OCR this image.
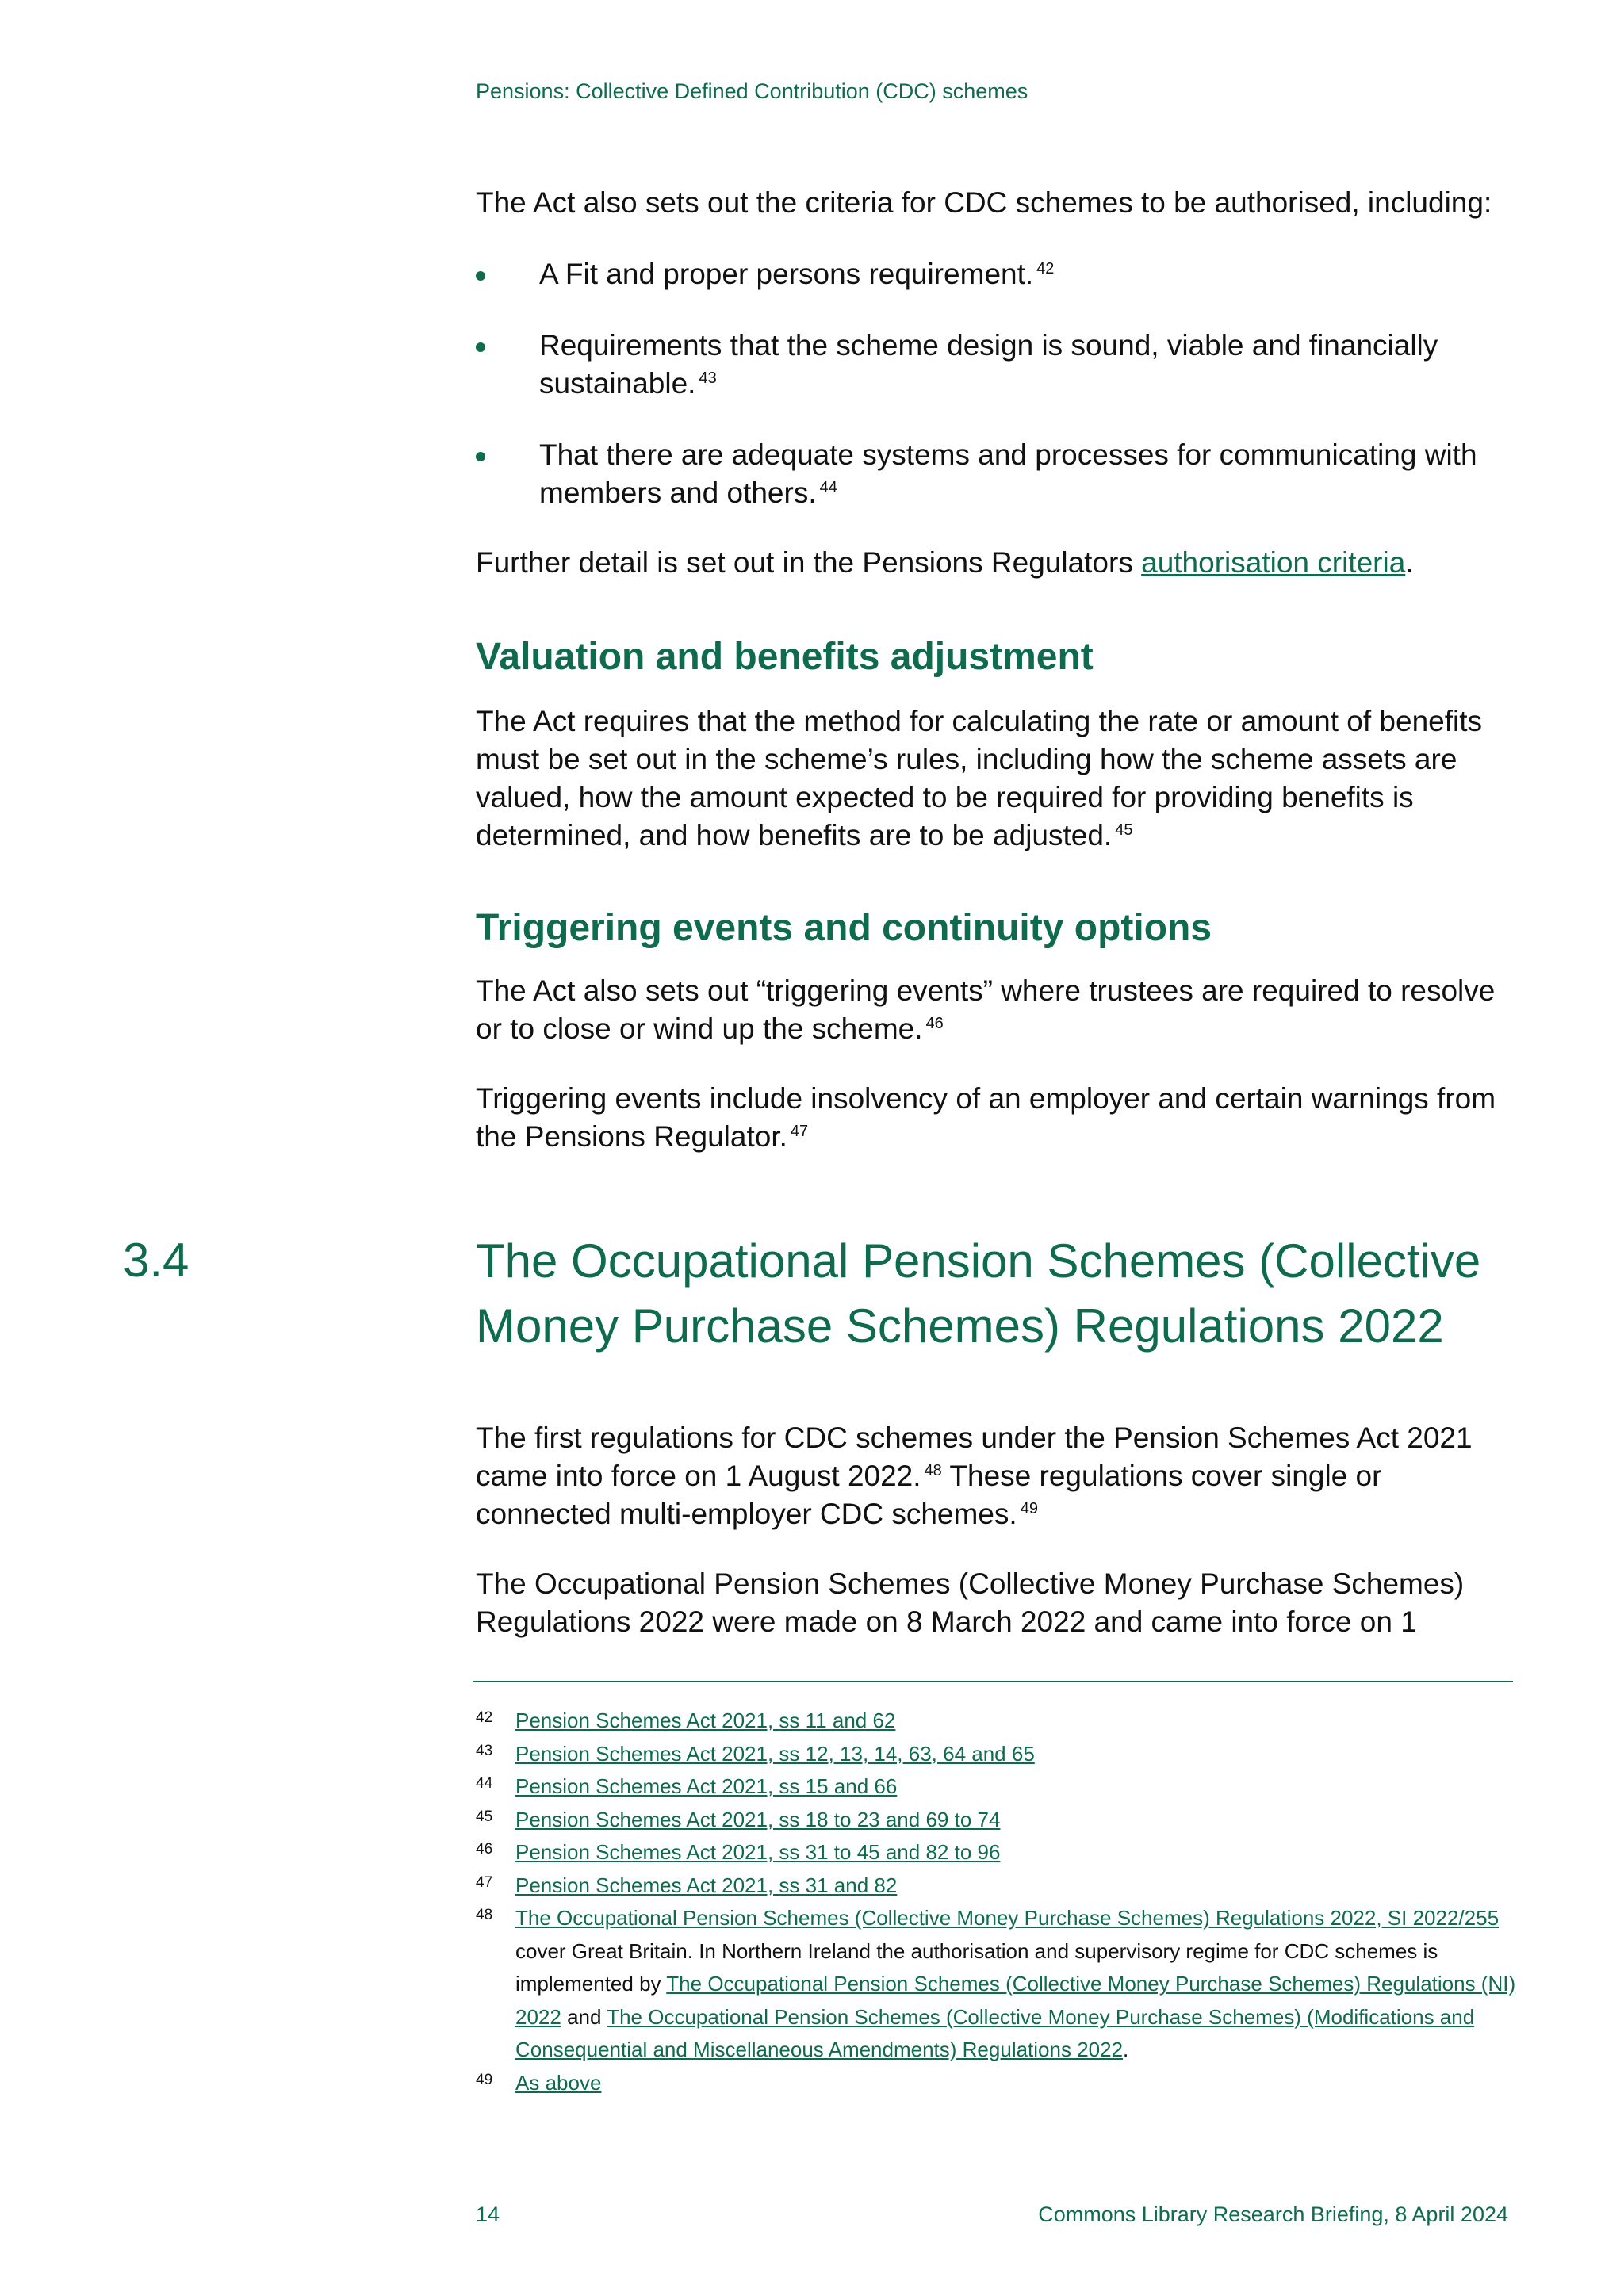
Pensions: Collective Defined Contribution (CDC) schemes

The Act also sets out the criteria for CDC schemes to be authorised, including:

A Fit and proper persons requirement. $^{42}$
Requirements that the scheme design is sound, viable and financially sustainable. $^{43}$
That there are adequate systems and processes for communicating with members and others. $^{44}$

Further detail is set out in the Pensions Regulators authorisation criteria.

Valuation and benefits adjustment

The Act requires that the method for calculating the rate or amount of benefits must be set out in the scheme’s rules, including how the scheme assets are valued, how the amount expected to be required for providing benefits is determined, and how benefits are to be adjusted. $^{45}$

Triggering events and continuity options

The Act also sets out “triggering events” where trustees are required to resolve or to close or wind up the scheme. $^{46}$

Triggering events include insolvency of an employer and certain warnings from the Pensions Regulator. $^{47}$

3.4	The Occupational Pension Schemes (Collective Money Purchase Schemes) Regulations 2022

The first regulations for CDC schemes under the Pension Schemes Act 2021 came into force on 1 August 2022. $^{48}$ These regulations cover single or connected multi-employer CDC schemes. $^{49}$

The Occupational Pension Schemes (Collective Money Purchase Schemes) Regulations 2022 were made on 8 March 2022 and came into force on 1

42 Pension Schemes Act 2021, ss 11 and 62
43 Pension Schemes Act 2021, ss 12, 13, 14, 63, 64 and 65
44 Pension Schemes Act 2021, ss 15 and 66
45 Pension Schemes Act 2021, ss 18 to 23 and 69 to 74
46 Pension Schemes Act 2021, ss 31 to 45 and 82 to 96
47 Pension Schemes Act 2021, ss 31 and 82
48 The Occupational Pension Schemes (Collective Money Purchase Schemes) Regulations 2022, SI 2022/255 cover Great Britain. In Northern Ireland the authorisation and supervisory regime for CDC schemes is implemented by The Occupational Pension Schemes (Collective Money Purchase Schemes) Regulations (NI) 2022 and The Occupational Pension Schemes (Collective Money Purchase Schemes) (Modifications and Consequential and Miscellaneous Amendments) Regulations 2022.
49 As above
14	Commons Library Research Briefing, 8 April 2024
